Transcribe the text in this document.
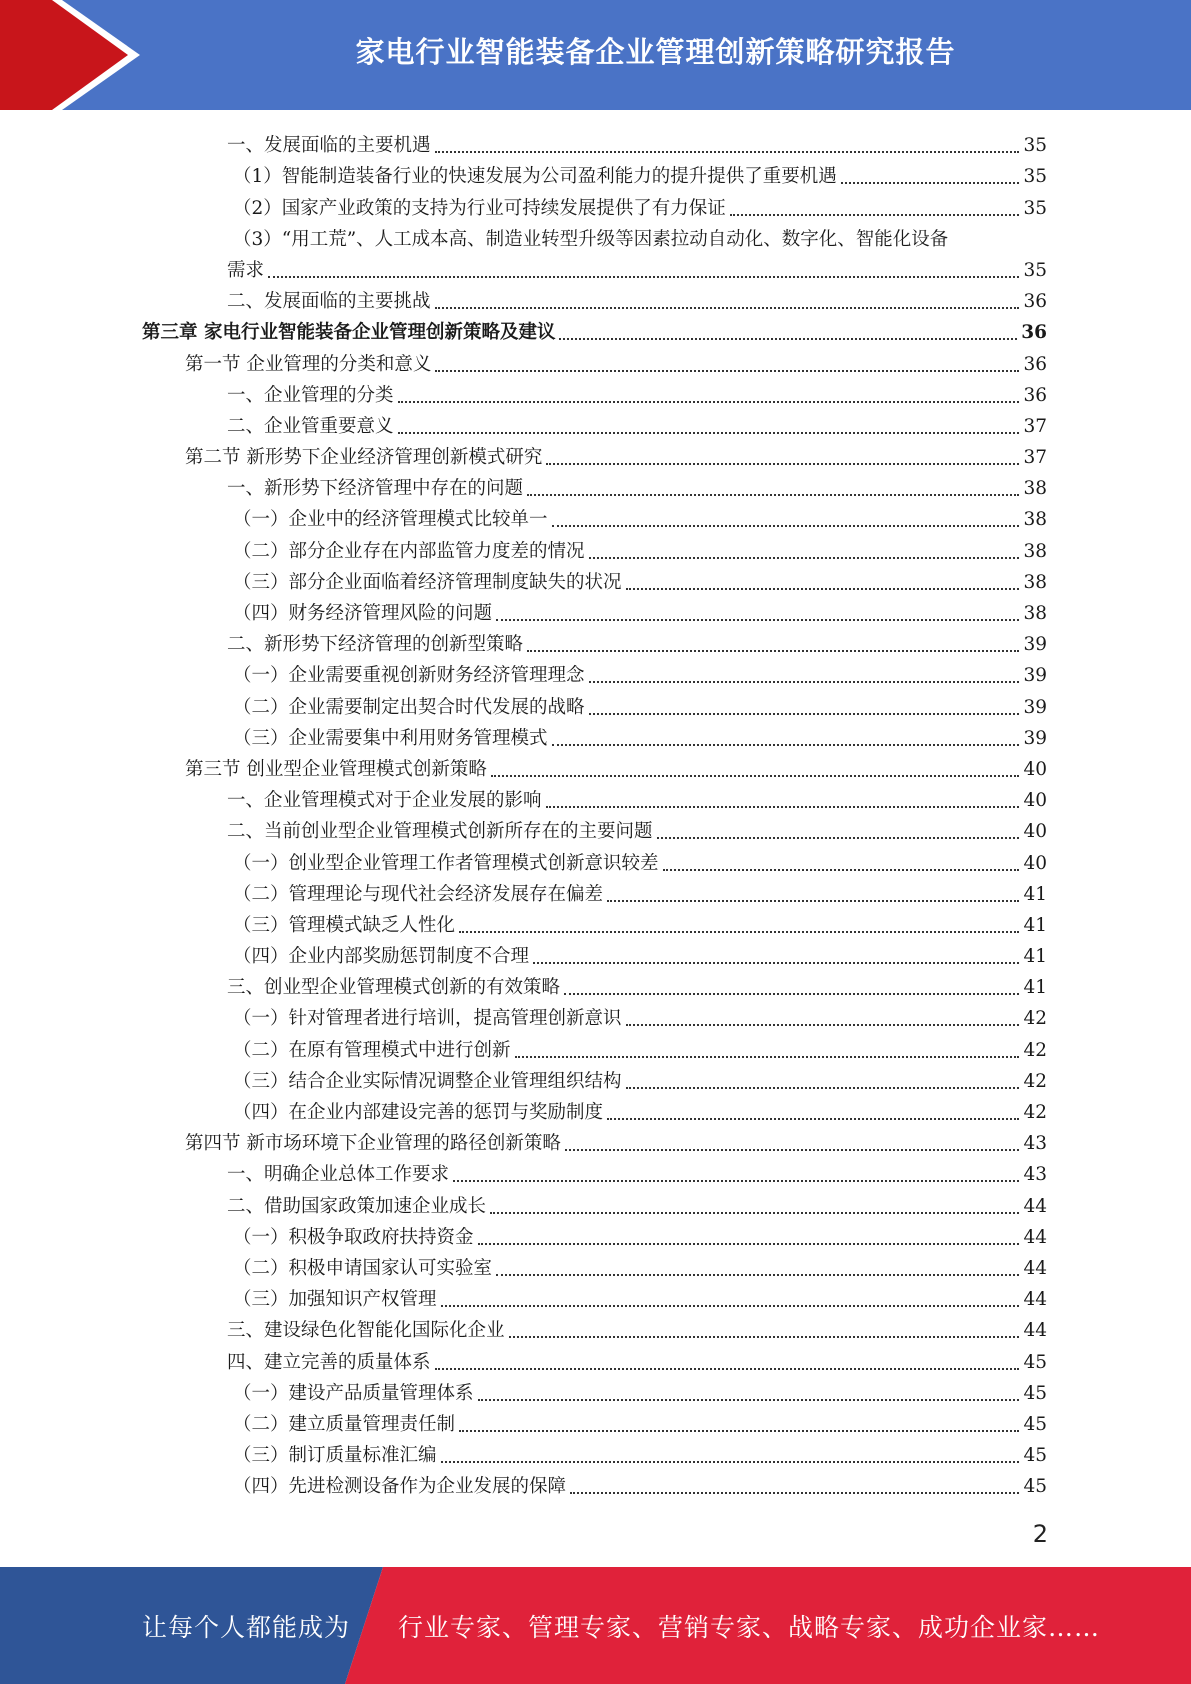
家电行业智能装备企业管理创新策略研究报告
一、发展面临的主要机遇	35
（1）智能制造装备行业的快速发展为公司盈利能力的提升提供了重要机遇	35
（2）国家产业政策的支持为行业可持续发展提供了有力保证	35
（3）“用工荒”、人工成本高、制造业转型升级等因素拉动自动化、数字化、智能化设备
需求	35
二、发展面临的主要挑战	36
第三章 家电行业智能装备企业管理创新策略及建议	36
第一节 企业管理的分类和意义	36
一、企业管理的分类	36
二、企业管重要意义	37
第二节 新形势下企业经济管理创新模式研究	37
一、新形势下经济管理中存在的问题	38
（一）企业中的经济管理模式比较单一	38
（二）部分企业存在内部监管力度差的情况	38
（三）部分企业面临着经济管理制度缺失的状况	38
（四）财务经济管理风险的问题	38
二、新形势下经济管理的创新型策略	39
（一）企业需要重视创新财务经济管理理念	39
（二）企业需要制定出契合时代发展的战略	39
（三）企业需要集中利用财务管理模式	39
第三节 创业型企业管理模式创新策略	40
一、企业管理模式对于企业发展的影响	40
二、当前创业型企业管理模式创新所存在的主要问题	40
（一）创业型企业管理工作者管理模式创新意识较差	40
（二）管理理论与现代社会经济发展存在偏差	41
（三）管理模式缺乏人性化	41
（四）企业内部奖励惩罚制度不合理	41
三、创业型企业管理模式创新的有效策略	41
（一）针对管理者进行培训，提高管理创新意识	42
（二）在原有管理模式中进行创新	42
（三）结合企业实际情况调整企业管理组织结构	42
（四）在企业内部建设完善的惩罚与奖励制度	42
第四节 新市场环境下企业管理的路径创新策略	43
一、明确企业总体工作要求	43
二、借助国家政策加速企业成长	44
（一）积极争取政府扶持资金	44
（二）积极申请国家认可实验室	44
（三）加强知识产权管理	44
三、建设绿色化智能化国际化企业	44
四、建立完善的质量体系	45
（一）建设产品质量管理体系	45
（二）建立质量管理责任制	45
（三）制订质量标准汇编	45
（四）先进检测设备作为企业发展的保障	45
2
让每个人都能成为 行业专家、管理专家、营销专家、战略专家、成功企业家……
